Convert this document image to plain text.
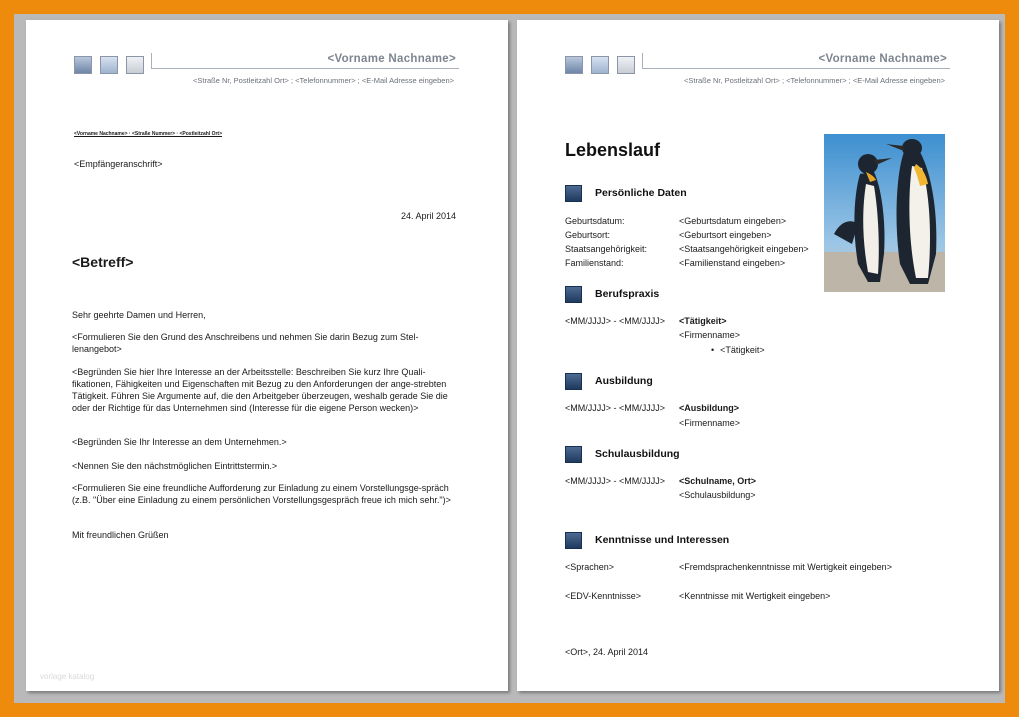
<Vorname Nachname>
<Straße Nr, Postleitzahl Ort> ; <Telefonnummer> ; <E-Mail Adresse eingeben>
<Vorname Nachname> · <Straße Nummer> · <Postleitzahl Ort>
<Empfängeranschrift>
24. April 2014
<Betreff>
Sehr geehrte Damen und Herren,
<Formulieren Sie den Grund des Anschreibens und nehmen Sie darin Bezug zum Stel-lenangebot>
<Begründen Sie hier Ihre Interesse an der Arbeitsstelle: Beschreiben Sie kurz Ihre Quali-fikationen, Fähigkeiten und Eigenschaften mit Bezug zu den Anforderungen der ange-strebten Tätigkeit. Führen Sie Argumente auf, die den Arbeitgeber überzeugen, weshalb gerade Sie die oder der Richtige für das Unternehmen sind (Interesse für die eigene Person wecken)>
<Begründen Sie Ihr Interesse an dem Unternehmen.>
<Nennen Sie den nächstmöglichen Eintrittstermin.>
<Formulieren Sie eine freundliche Aufforderung zur Einladung zu einem Vorstellungsge-spräch (z.B. "Über eine Einladung zu einem persönlichen Vorstellungsgespräch freue ich mich sehr.")>
Mit freundlichen Grüßen
vorlage katalog
<Vorname Nachname>
<Straße Nr, Postleitzahl Ort> ; <Telefonnummer> ; <E-Mail Adresse eingeben>
Lebenslauf
Persönliche Daten
Geburtsdatum:	<Geburtsdatum eingeben>
Geburtsort:	<Geburtsort eingeben>
Staatsangehörigkeit:	<Staatsangehörigkeit eingeben>
Familienstand:	<Familienstand eingeben>
Berufspraxis
<MM/JJJJ> - <MM/JJJJ> <Tätigkeit>
<Firmenname>
• <Tätigkeit>
Ausbildung
<MM/JJJJ> - <MM/JJJJ> <Ausbildung>
<Firmenname>
Schulausbildung
<MM/JJJJ> - <MM/JJJJ> <Schulname, Ort>
<Schulausbildung>
Kenntnisse und Interessen
<Sprachen>	<Fremdsprachenkenntnisse mit Wertigkeit eingeben>
<EDV-Kenntnisse>	<Kenntnisse mit Wertigkeit eingeben>
<Ort>, 24. April 2014
